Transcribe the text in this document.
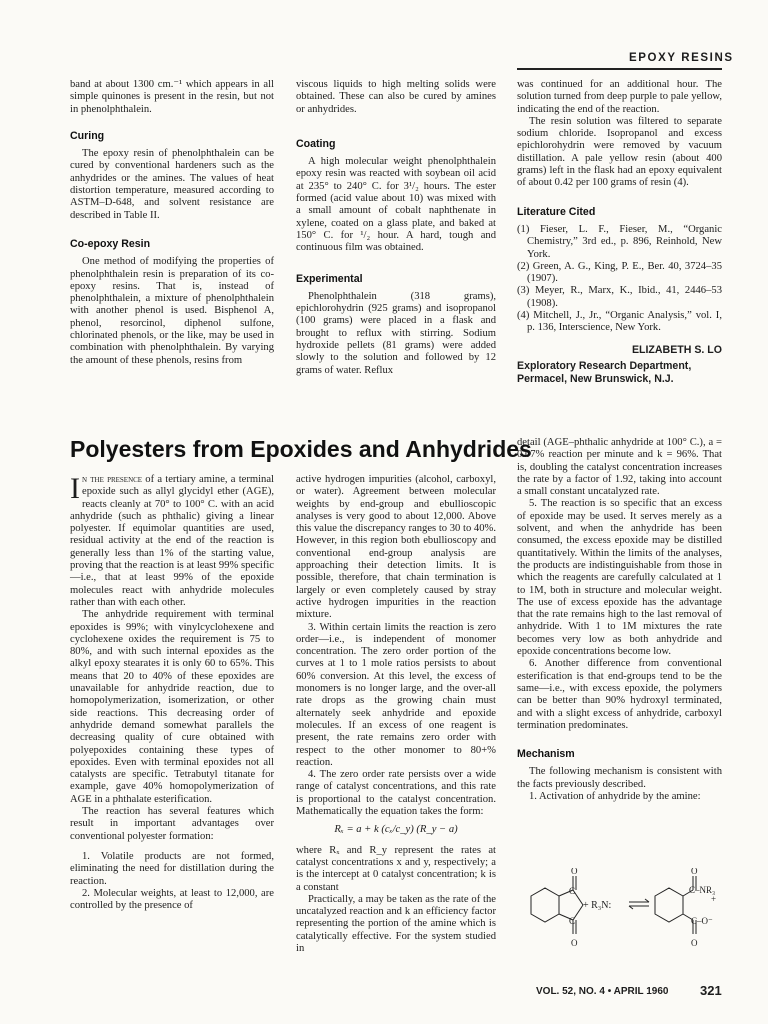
EPOXY RESINS

band at about 1300 cm.⁻¹ which appears in all simple quinones is present in the resin, but not in phenolphthalein.

Curing

The epoxy resin of phenolphthalein can be cured by conventional hardeners such as the anhydrides or the amines. The values of heat distortion temperature, measured according to ASTM–D-648, and solvent resistance are described in Table II.

Co-epoxy Resin

One method of modifying the properties of phenolphthalein resin is preparation of its co-epoxy resins. That is, instead of phenolphthalein, a mixture of phenolphthalein with another phenol is used. Bisphenol A, phenol, resorcinol, diphenol sulfone, chlorinated phenols, or the like, may be used in combination with phenolphthalein. By varying the amount of these phenols, resins from

viscous liquids to high melting solids were obtained. These can also be cured by amines or anhydrides.

Coating

A high molecular weight phenolphthalein epoxy resin was reacted with soybean oil acid at 235° to 240° C. for 3¹/₂ hours. The ester formed (acid value about 10) was mixed with a small amount of cobalt naphthenate in xylene, coated on a glass plate, and baked at 150° C. for ¹/₂ hour. A hard, tough and continuous film was obtained.

Experimental

Phenolphthalein (318 grams), epichlorohydrin (925 grams) and isopropanol (100 grams) were placed in a flask and brought to reflux with stirring. Sodium hydroxide pellets (81 grams) were added slowly to the solution and followed by 12 grams of water. Reflux

was continued for an additional hour. The solution turned from deep purple to pale yellow, indicating the end of the reaction.

The resin solution was filtered to separate sodium chloride. Isopropanol and excess epichlorohydrin were removed by vacuum distillation. A pale yellow resin (about 400 grams) left in the flask had an epoxy equivalent of about 0.42 per 100 grams of resin (4).

Literature Cited

(1) Fieser, L. F., Fieser, M., “Organic Chemistry,” 3rd ed., p. 896, Reinhold, New York.

(2) Green, A. G., King, P. E., Ber. 40, 3724–35 (1907).

(3) Meyer, R., Marx, K., Ibid., 41, 2446–53 (1908).

(4) Mitchell, J., Jr., “Organic Analysis,” vol. I, p. 136, Interscience, New York.

ELIZABETH S. LO
Exploratory Research Department,
Permacel, New Brunswick, N.J.
Polyesters from Epoxides and Anhydrides

In the presence of a tertiary amine, a terminal epoxide such as allyl glycidyl ether (AGE), reacts cleanly at 70° to 100° C. with an acid anhydride (such as phthalic) giving a linear polyester. If equimolar quantities are used, residual activity at the end of the reaction is generally less than 1% of the starting value, proving that the reaction is at least 99% specific—i.e., that at least 99% of the epoxide molecules react with anhydride molecules rather than with each other.

The anhydride requirement with terminal epoxides is 99%; with vinylcyclohexene and cyclohexene oxides the requirement is 75 to 80%, and with such internal epoxides as the alkyl epoxy stearates it is only 60 to 65%. This means that 20 to 40% of these epoxides are unavailable for anhydride reaction, due to homopolymerization, isomerization, or other side reactions. This decreasing order of anhydride demand somewhat parallels the decreasing quality of cure obtained with polyepoxides containing these types of epoxides. Even with terminal epoxides not all catalysts are specific. Tetrabutyl titanate for example, gave 40% homopolymerization of AGE in a phthalate esterification.

The reaction has several features which result in important advantages over conventional polyester formation:

1. Volatile products are not formed, eliminating the need for distillation during the reaction.

2. Molecular weights, at least to 12,000, are controlled by the presence of

active hydrogen impurities (alcohol, carboxyl, or water). Agreement between molecular weights by end-group and ebullioscopic analyses is very good to about 12,000. Above this value the discrepancy ranges to 30 to 40%. However, in this region both ebullioscopy and conventional end-group analysis are approaching their detection limits. It is possible, therefore, that chain termination is largely or even completely caused by stray active hydrogen impurities in the reaction mixture.

3. Within certain limits the reaction is zero order—i.e., is independent of monomer concentration. The zero order portion of the curves at 1 to 1 mole ratios persists to about 60% conversion. At this level, the excess of monomers is no longer large, and the over-all rate drops as the growing chain must alternately seek anhydride and epoxide molecules. If an excess of one reagent is present, the rate remains zero order with respect to the other monomer to 80+% reaction.

4. The zero order rate persists over a wide range of catalyst concentrations, and this rate is proportional to the catalyst concentration. Mathematically the equation takes the form:

Rₓ = a + k (cₓ/c_y) (R_y − a)

where Rₓ and R_y represent the rates at catalyst concentrations x and y, respectively; a is the intercept at 0 catalyst concentration; k is a constant

Practically, a may be taken as the rate of the uncatalyzed reaction and k an efficiency factor representing the portion of the amine which is catalytically effective. For the system studied in

detail (AGE–phthalic anhydride at 100° C.), a = 0.07% reaction per minute and k = 96%. That is, doubling the catalyst concentration increases the rate by a factor of 1.92, taking into account a small constant uncatalyzed rate.

5. The reaction is so specific that an excess of epoxide may be used. It serves merely as a solvent, and when the anhydride has been consumed, the excess epoxide may be distilled quantitatively. Within the limits of the analyses, the products are indistinguishable from those in which the reagents are carefully calculated at 1 to 1M, both in structure and molecular weight. The use of excess epoxide has the advantage that the rate remains high to the last removal of anhydride. With 1 to 1M mixtures the rate becomes very low as both anhydride and epoxide concentrations become low.

6. Another difference from conventional esterification is that end-groups tend to be the same—i.e., with excess epoxide, the polymers can be better than 90% hydroxyl terminated, and with a slight excess of anhydride, carboxyl termination predominates.

Mechanism

The following mechanism is consistent with the facts previously described.

1. Activation of anhydride by the amine:

O
C
C
O
+ R₃N:
O
O
C–NR₃
+
C–O⁻
VOL. 52, NO. 4 • APRIL 1960 321
